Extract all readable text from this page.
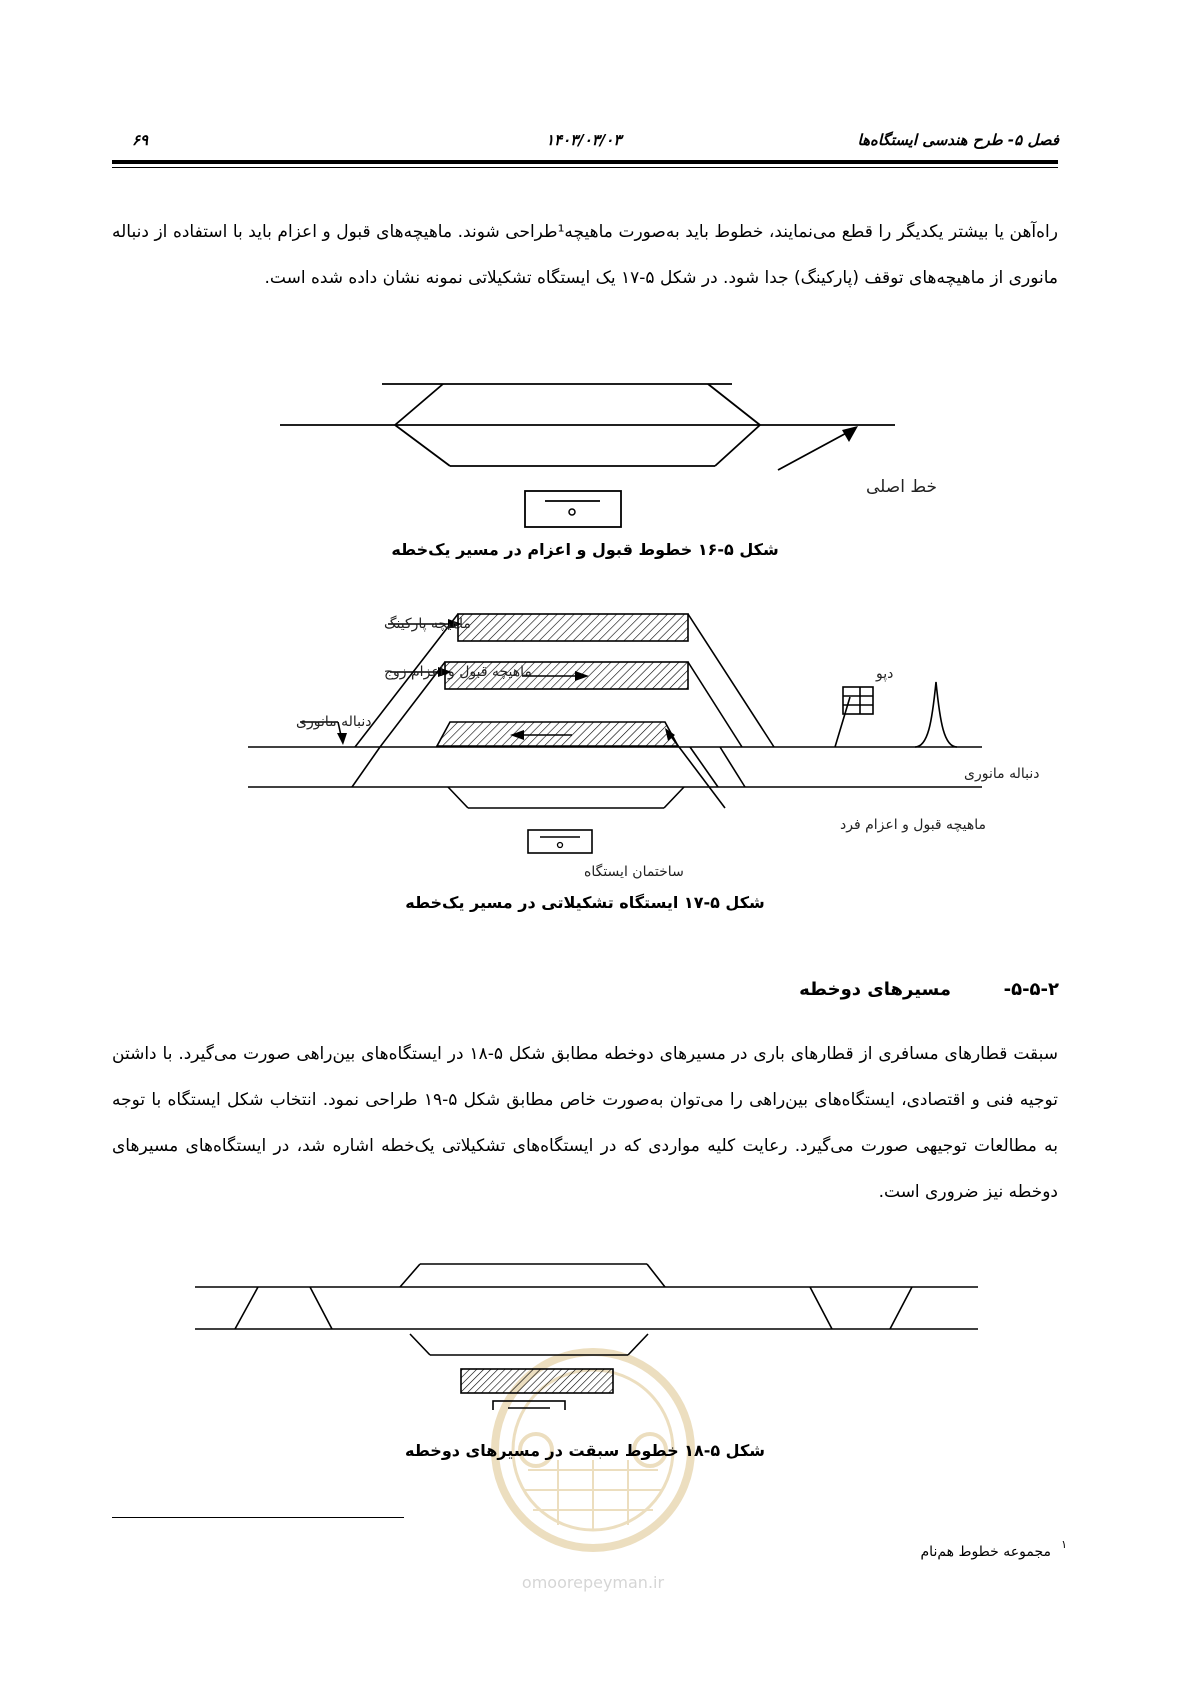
فصل ۵- طرح هندسی ایستگاه‌ها
۱۴۰۳/۰۳/۰۳
۶۹
راه‌آهن یا بیشتر یکدیگر را قطع می‌نمایند، خطوط باید به‌صورت ماهیچه¹طراحی شوند. ماهیچه‌های قبول و اعزام باید با استفاده از دنباله مانوری از ماهیچه‌های توقف (پارکینگ) جدا شود. در شکل ۵-۱۷ یک ایستگاه تشکیلاتی نمونه نشان داده شده است.
خط اصلی
شکل ۵-۱۶ خطوط قبول و اعزام در مسیر یک‌خطه
ماهیچه پارکینگ
ماهیچه قبول و اعزام زوج
دنباله مانوری
دپو
دنباله مانوری
ماهیچه قبول و اعزام فرد
ساختمان ایستگاه
شکل ۵-۱۷ ایستگاه تشکیلاتی در مسیر یک‌خطه
۵-۵-۲-
مسیرهای دوخطه
سبقت قطارهای مسافری از قطارهای باری در مسیرهای دوخطه مطابق شکل ۵-۱۸ در ایستگاه‌های بین‌راهی صورت می‌گیرد. با داشتن توجیه فنی و اقتصادی، ایستگاه‌های بین‌راهی را می‌توان به‌صورت خاص مطابق شکل ۵-۱۹ طراحی نمود. انتخاب شکل ایستگاه با توجه به مطالعات توجیهی صورت می‌گیرد. رعایت کلیه مواردی که در ایستگاه‌های تشکیلاتی یک‌خطه اشاره شد، در ایستگاه‌های مسیرهای دوخطه نیز ضروری است.
omoorepeyman.ir
شکل ۵-۱۸ خطوط سبقت در مسیرهای دوخطه
۱
مجموعه خطوط هم‌نام
